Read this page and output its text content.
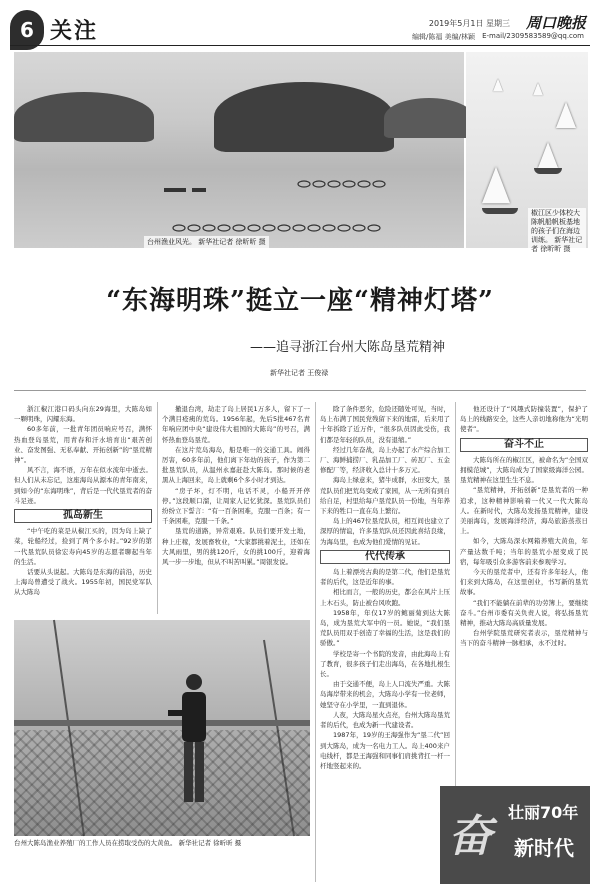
6 关注	2019年5月1日 星期三
编辑/陈福 美编/林颖 E-mail/2309583589@qq.com
周口晚报
台州渔业风光。 新华社记者 徐昕昕 摄
椒江区少体校大陈帆船帆板基地的孩子们在海边训练。 新华社记者 徐昕昕 摄
“东海明珠”挺立一座“精神灯塔”
——追寻浙江台州大陈岛垦荒精神
新华社记者 王俊禄

浙江椒江港口码头向东29海里，大陈岛如一颗明珠，闪耀东海。

60多年前，一批青年团员响应号召，满怀热血登岛垦荒，用青春和汗水培育出“艰苦创业、奋发图强、无私奉献、开拓创新”的“垦荒精神”。

风不言，海不语，万年在似水流年中逝去。但人们从未忘记，这座海岛从源本的青年南来，到如今的“东海明珠”，背后是一代代垦荒者的奋斗足迹。

孤岛新生

“中午吃的菜是从椒江买的，因为岛上缺了菜，轮船经过，捡到了两个多小时。”92岁的第一代垦荒队员徐宏寿向45岁的志愿者聊起当年的生活。

话要从头说起。大陈岛是东海的前沿，历史上海岛曾遭受了战火。1955年初，国民党军队从大陈岛

撤退台湾，劫走了岛上居民1万多人，留下了一个满目疮痍的荒岛。1956年起，先后5批467名青年响应团中央“建设伟大祖国的大陈岛”的号召，满怀热血登岛垦荒。

在这片荒岛海岛，船是唯一的交通工具。闹得厉害，60多年前，他们离下年幼的孩子，作为第二批垦荒队员，从温州永嘉赶赴大陈岛。那时候的老黑从上海回来，岛上就剩6个多小时才到达。

“房子坏，灯不明，电话不灵，小船开开停停。”这段顺口溜，让周家人记忆犹深。垦荒队员们纷纷立下誓言：“有一百条困难，克服一百条；有一千条困难，克服一千条。”

垦荒的道路，异常艰难。队员们要开发土地，种上庄稼，发展畜牧业，“大家都挑着泥土，还如在大风雨里，男的挑120斤，女的挑100斤，迎着海风一步一步地，但从不叫苦叫累。”周银发说。

台州大陈岛渔业养殖厂的工作人员在捞取受伤的大黄鱼。 新华社记者 徐昕昕 摄

除了条件恶劣，危险还随处可见，当时，岛上布满了国民党残留下来的地雷，后来用了十年拆除了近万件，“很多队员因此受伤，我们都是年轻的队员，没有退缩。”

经过几年奋战，岛上办起了水产综合加工厂、海鲜捕捞厂、乳品加工厂、砖瓦厂、五金修配厂等，经济收入总计十多万元。

海岛上绿意来，猪牛成群，水田变大，垦荒队员们把荒岛变成了家园，从一无所有到自给自足，村里给每户垦荒队员一份地，当年养下来的牲口一直在岛上繁衍。

岛上的467位垦荒队员，相互间也建立了深厚的情谊，许多垦荒队员还因此喜结良缘，为海岛里，也成为他们爱情的见证。

代代传承

岛上着漂亮古典的是第二代，他们是垦荒者的后代，这是近年的事。

相比而言，一般的历史，都会在风片上压上木石头，防止被台风吹跑。

1958年，年仅17岁的鲍丽菊到达大陈岛，成为垦荒大军中的一员。她说，“我们垦荒队员用双手创造了幸福的生活，这是我们的骄傲。”

学校是寄一个书院的发音，由此海岛上有了教育，很多孩子们走出海岛，在各地扎根生长。

由于交通不便，岛上人口流失严重。大陈岛海岸带来的机会，大陈岛小学有一位老师，她坚守在小学里，一直到退休。

人夜，大陈岛星火点亮，台州大陈岛垦荒者的后代，也成为新一代建设者。

1987年，19岁的王海强作为“垦二代”回到大陈岛，成为一名电力工人。岛上400来户电线杆，都是王海强和同事们肩挑背扛一杆一杆地竖起来的。

他还设计了“风趣式防撞装置”，保护了岛上的线路安全，这些人亲切地称他为“光明使者”。

奋斗不止

大陈岛所在的椒江区，被命名为“全国双拥模范城”，大陈岛成为了国家级海洋公园。垦荒精神在这里生生不息。

“垦荒精神，开拓创新”是垦荒者的一种追求，这种精神影响着一代又一代大陈岛人。在新时代，大陈岛发扬垦荒精神，建设美丽海岛，发展海洋经济，海岛旅游蒸蒸日上。

如今，大陈岛深水网箱养殖大黄鱼，年产量达数千吨；当年的垦荒小屋变成了民宿，每年吸引众多游客前来参观学习。

今天的垦荒者中，还有许多年轻人，他们来到大陈岛，在这里创业，书写新的垦荒故事。

“我们不能躺在前辈的功劳簿上，要继续奋斗。”台州市委有关负责人说，将弘扬垦荒精神，推动大陈岛高质量发展。

台州学院垦荒研究者表示，垦荒精神与当下的奋斗精神一脉相承，永不过时。

奋 壮丽70年
新时代
